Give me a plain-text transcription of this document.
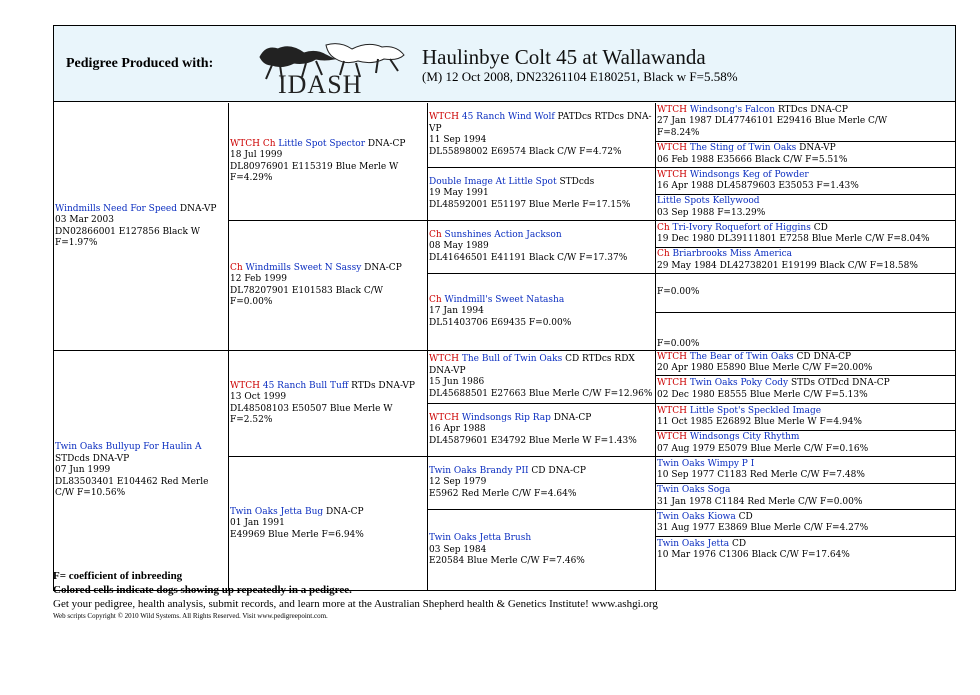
Pedigree Produced with:
IDASH
Haulinbye Colt 45 at Wallawanda
(M) 12 Oct 2008, DN23261104 E180251, Black w F=5.58%
Windmills Need For Speed DNA-VP
03 Mar 2003
DN02866001 E127856 Black W
F=1.97%
Twin Oaks Bullyup For Haulin A STDcds DNA-VP
07 Jun 1999
DL83503401 E104462 Red Merle
C/W F=10.56%
WTCH Ch Little Spot Spector DNA-CP
18 Jul 1999
DL80976901 E115319 Blue Merle W
F=4.29%
Ch Windmills Sweet N Sassy DNA-CP
12 Feb 1999
DL78207901 E101583 Black C/W F=0.00%
WTCH 45 Ranch Bull Tuff RTDs DNA-VP
13 Oct 1999
DL48508103 E50507 Blue Merle W
F=2.52%
Twin Oaks Jetta Bug DNA-CP
01 Jan 1991
E49969 Blue Merle F=6.94%
WTCH 45 Ranch Wind Wolf PATDcs RTDcs DNA-VP
11 Sep 1994
DL55898002 E69574 Black C/W F=4.72%
Double Image At Little Spot STDcds
19 May 1991
DL48592001 E51197 Blue Merle F=17.15%
Ch Sunshines Action Jackson
08 May 1989
DL41646501 E41191 Black C/W F=17.37%
Ch Windmill's Sweet Natasha
17 Jan 1994
DL51403706 E69435 F=0.00%
WTCH The Bull of Twin Oaks CD RTDcs RDX DNA-VP
15 Jun 1986
DL45688501 E27663 Blue Merle C/W F=12.96%
WTCH Windsongs Rip Rap DNA-CP
16 Apr 1988
DL45879601 E34792 Blue Merle W F=1.43%
Twin Oaks Brandy PII CD DNA-CP
12 Sep 1979
E5962 Red Merle C/W F=4.64%
Twin Oaks Jetta Brush
03 Sep 1984
E20584 Blue Merle C/W F=7.46%
WTCH Windsong's Falcon RTDcs DNA-CP
27 Jan 1987 DL47746101 E29416 Blue Merle C/W
F=8.24%
WTCH The Sting of Twin Oaks DNA-VP
06 Feb 1988 E35666 Black C/W F=5.51%
WTCH Windsongs Keg of Powder
16 Apr 1988 DL45879603 E35053 F=1.43%
Little Spots Kellywood
03 Sep 1988 F=13.29%
Ch Tri-Ivory Roquefort of Higgins CD
19 Dec 1980 DL39111801 E7258 Blue Merle C/W F=8.04%
Ch Briarbrooks Miss America
29 May 1984 DL42738201 E19199 Black C/W F=18.58%
F=0.00%
F=0.00%
WTCH The Bear of Twin Oaks CD DNA-CP
20 Apr 1980 E5890 Blue Merle C/W F=20.00%
WTCH Twin Oaks Poky Cody STDs OTDcd DNA-CP
02 Dec 1980 E8555 Blue Merle C/W F=5.13%
WTCH Little Spot's Speckled Image
11 Oct 1985 E26892 Blue Merle W F=4.94%
WTCH Windsongs City Rhythm
07 Aug 1979 E5079 Blue Merle C/W F=0.16%
Twin Oaks Wimpy P I
10 Sep 1977 C1183 Red Merle C/W F=7.48%
Twin Oaks Soga
31 Jan 1978 C1184 Red Merle C/W F=0.00%
Twin Oaks Kiowa CD
31 Aug 1977 E3869 Blue Merle C/W F=4.27%
Twin Oaks Jetta CD
10 Mar 1976 C1306 Black C/W F=17.64%
F= coefficient of inbreeding
Colored cells indicate dogs showing up repeatedly in a pedigree.
Get your pedigree, health analysis, submit records, and learn more at the Australian Shepherd health & Genetics Institute! www.ashgi.org
Web scripts Copyright © 2010 Wild Systems. All Rights Reserved. Visit www.pedigreepoint.com.
